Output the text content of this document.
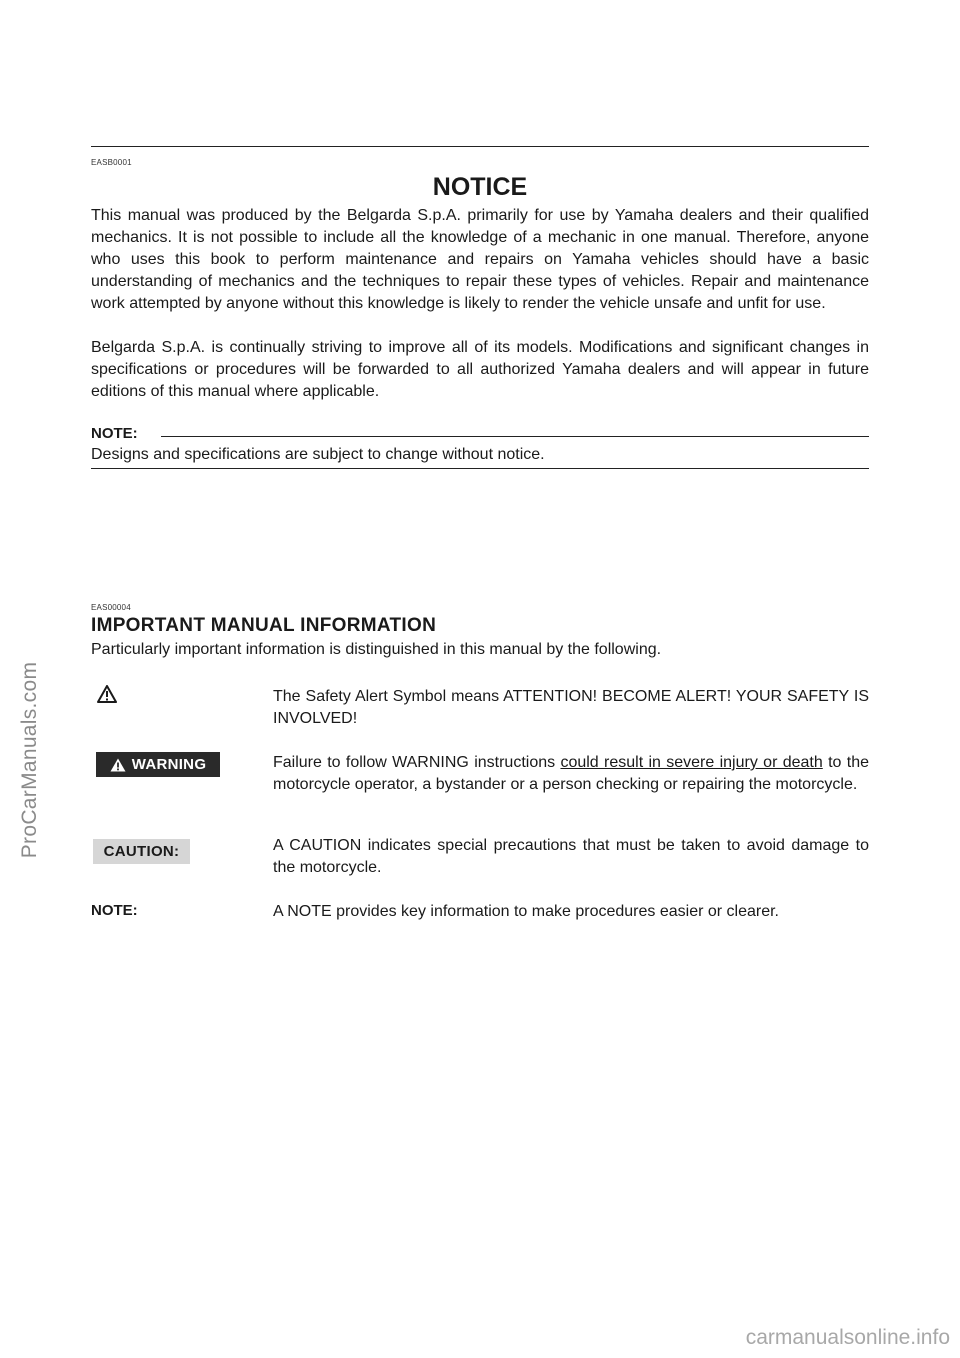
ProCarManuals.com
carmanualsonline.info
EASB0001
NOTICE

This manual was produced by the Belgarda S.p.A. primarily for use by Yamaha dealers and their qualified mechanics. It is not possible to include all the knowledge of a mechanic in one manual. Therefore, anyone who uses this book to perform maintenance and repairs on Yamaha vehicles should have a basic understanding of mechanics and the techniques to repair these types of vehicles. Repair and maintenance work attempted by anyone without this knowledge is likely to render the vehicle unsafe and unfit for use.

Belgarda S.p.A. is continually striving to improve all of its models. Modifications and significant changes in specifications or procedures will be forwarded to all authorized Yamaha dealers and will appear in future editions of this manual where applicable.

NOTE:

Designs and specifications are subject to change without notice.

EAS00004
IMPORTANT MANUAL INFORMATION

Particularly important information is distinguished in this manual by the following.

The Safety Alert Symbol means ATTENTION! BECOME ALERT! YOUR SAFETY IS INVOLVED!

WARNING	Failure to follow WARNING instructions could result in severe injury or death to the motorcycle operator, a bystander or a person checking or repairing the motorcycle.

CAUTION:	A CAUTION indicates special precautions that must be taken to avoid damage to the motorcycle.

NOTE:	A NOTE provides key information to make procedures easier or clearer.
